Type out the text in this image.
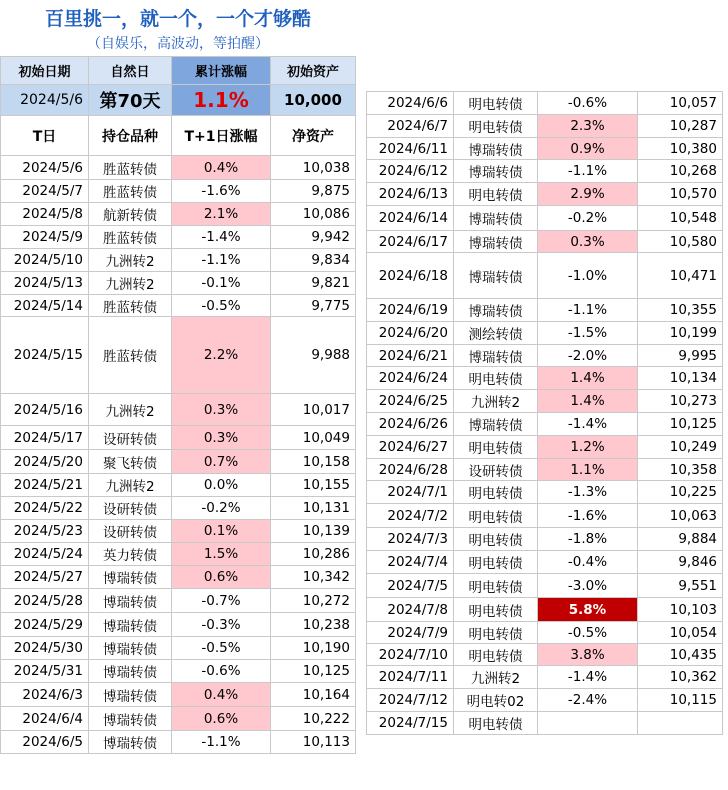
百里挑一，就一个，一个才够酷
（自娱乐，高波动，等拍醒）
初始日期	自然日	累计涨幅	初始资产
2024/5/6	第70天	1.1%	10,000
T日	持仓品种	T+1日涨幅	净资产
2024/5/6	胜蓝转债	0.4%	10,038
2024/5/7	胜蓝转债	-1.6%	9,875
2024/5/8	航新转债	2.1%	10,086
2024/5/9	胜蓝转债	-1.4%	9,942
2024/5/10	九洲转2	-1.1%	9,834
2024/5/13	九洲转2	-0.1%	9,821
2024/5/14	胜蓝转债	-0.5%	9,775
2024/5/15	胜蓝转债	2.2%	9,988
2024/5/16	九洲转2	0.3%	10,017
2024/5/17	设研转债	0.3%	10,049
2024/5/20	聚飞转债	0.7%	10,158
2024/5/21	九洲转2	0.0%	10,155
2024/5/22	设研转债	-0.2%	10,131
2024/5/23	设研转债	0.1%	10,139
2024/5/24	英力转债	1.5%	10,286
2024/5/27	博瑞转债	0.6%	10,342
2024/5/28	博瑞转债	-0.7%	10,272
2024/5/29	博瑞转债	-0.3%	10,238
2024/5/30	博瑞转债	-0.5%	10,190
2024/5/31	博瑞转债	-0.6%	10,125
2024/6/3	博瑞转债	0.4%	10,164
2024/6/4	博瑞转债	0.6%	10,222
2024/6/5	博瑞转债	-1.1%	10,113
2024/6/6	明电转债	-0.6%	10,057
2024/6/7	明电转债	2.3%	10,287
2024/6/11	博瑞转债	0.9%	10,380
2024/6/12	博瑞转债	-1.1%	10,268
2024/6/13	明电转债	2.9%	10,570
2024/6/14	博瑞转债	-0.2%	10,548
2024/6/17	博瑞转债	0.3%	10,580
2024/6/18	博瑞转债	-1.0%	10,471
2024/6/19	博瑞转债	-1.1%	10,355
2024/6/20	测绘转债	-1.5%	10,199
2024/6/21	博瑞转债	-2.0%	9,995
2024/6/24	明电转债	1.4%	10,134
2024/6/25	九洲转2	1.4%	10,273
2024/6/26	博瑞转债	-1.4%	10,125
2024/6/27	明电转债	1.2%	10,249
2024/6/28	设研转债	1.1%	10,358
2024/7/1	明电转债	-1.3%	10,225
2024/7/2	明电转债	-1.6%	10,063
2024/7/3	明电转债	-1.8%	9,884
2024/7/4	明电转债	-0.4%	9,846
2024/7/5	明电转债	-3.0%	9,551
2024/7/8	明电转债	5.8%	10,103
2024/7/9	明电转债	-0.5%	10,054
2024/7/10	明电转债	3.8%	10,435
2024/7/11	九洲转2	-1.4%	10,362
2024/7/12	明电转02	-2.4%	10,115
2024/7/15	明电转债		
